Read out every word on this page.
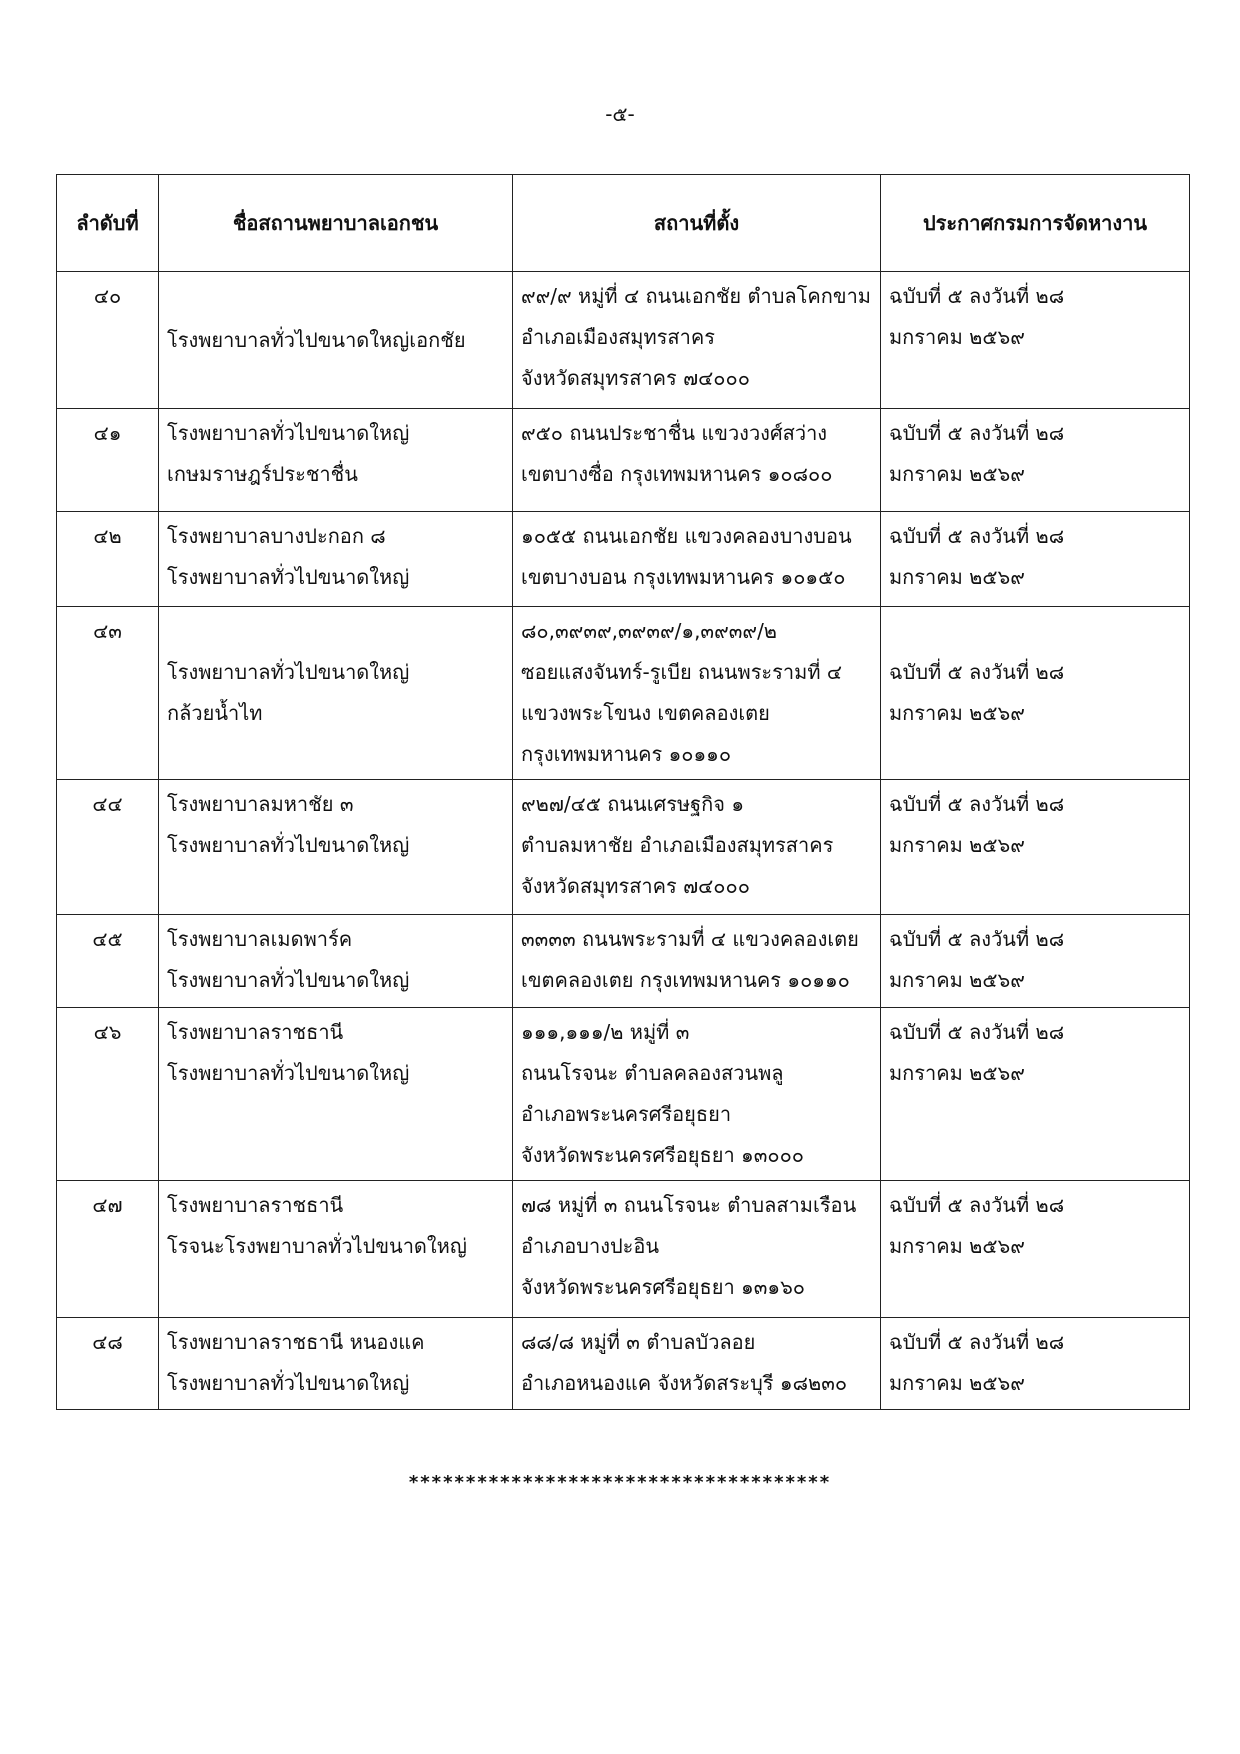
-๕-
ลำดับที่	ชื่อสถานพยาบาลเอกชน	สถานที่ตั้ง	ประกาศกรมการจัดหางาน
๔๐	โรงพยาบาลทั่วไปขนาดใหญ่เอกชัย	๙๙/๙ หมู่ที่ ๔ ถนนเอกชัย ตำบลโคกขาม
อำเภอเมืองสมุทรสาคร
จังหวัดสมุทรสาคร ๗๔๐๐๐	ฉบับที่ ๕ ลงวันที่ ๒๘
มกราคม ๒๕๖๙
๔๑	โรงพยาบาลทั่วไปขนาดใหญ่
เกษมราษฎร์ประชาชื่น	๙๕๐ ถนนประชาชื่น แขวงวงศ์สว่าง
เขตบางซื่อ กรุงเทพมหานคร ๑๐๘๐๐	ฉบับที่ ๕ ลงวันที่ ๒๘
มกราคม ๒๕๖๙
๔๒	โรงพยาบาลบางปะกอก ๘
โรงพยาบาลทั่วไปขนาดใหญ่	๑๐๕๕ ถนนเอกชัย แขวงคลองบางบอน
เขตบางบอน กรุงเทพมหานคร ๑๐๑๕๐	ฉบับที่ ๕ ลงวันที่ ๒๘
มกราคม ๒๕๖๙
๔๓	โรงพยาบาลทั่วไปขนาดใหญ่กล้วยน้ำไท	๘๐,๓๙๓๙,๓๙๓๙/๑,๓๙๓๙/๒
ซอยแสงจันทร์-รูเบีย ถนนพระรามที่ ๔
แขวงพระโขนง เขตคลองเตย
กรุงเทพมหานคร ๑๐๑๑๐	ฉบับที่ ๕ ลงวันที่ ๒๘
มกราคม ๒๕๖๙
๔๔	โรงพยาบาลมหาชัย ๓
โรงพยาบาลทั่วไปขนาดใหญ่	๙๒๗/๔๕ ถนนเศรษฐกิจ ๑
ตำบลมหาชัย อำเภอเมืองสมุทรสาคร
จังหวัดสมุทรสาคร ๗๔๐๐๐	ฉบับที่ ๕ ลงวันที่ ๒๘
มกราคม ๒๕๖๙
๔๕	โรงพยาบาลเมดพาร์ค
โรงพยาบาลทั่วไปขนาดใหญ่	๓๓๓๓ ถนนพระรามที่ ๔ แขวงคลองเตย
เขตคลองเตย กรุงเทพมหานคร ๑๐๑๑๐	ฉบับที่ ๕ ลงวันที่ ๒๘
มกราคม ๒๕๖๙
๔๖	โรงพยาบาลราชธานี
โรงพยาบาลทั่วไปขนาดใหญ่	๑๑๑,๑๑๑/๒ หมู่ที่ ๓
ถนนโรจนะ ตำบลคลองสวนพลู
อำเภอพระนครศรีอยุธยา
จังหวัดพระนครศรีอยุธยา ๑๓๐๐๐	ฉบับที่ ๕ ลงวันที่ ๒๘
มกราคม ๒๕๖๙
๔๗	โรงพยาบาลราชธานี
โรจนะโรงพยาบาลทั่วไปขนาดใหญ่	๗๘ หมู่ที่ ๓ ถนนโรจนะ ตำบลสามเรือน
อำเภอบางปะอิน
จังหวัดพระนครศรีอยุธยา ๑๓๑๖๐	ฉบับที่ ๕ ลงวันที่ ๒๘
มกราคม ๒๕๖๙
๔๘	โรงพยาบาลราชธานี หนองแค
โรงพยาบาลทั่วไปขนาดใหญ่	๘๘/๘ หมู่ที่ ๓ ตำบลบัวลอย
อำเภอหนองแค จังหวัดสระบุรี ๑๘๒๓๐	ฉบับที่ ๕ ลงวันที่ ๒๘
มกราคม ๒๕๖๙
*************************************
